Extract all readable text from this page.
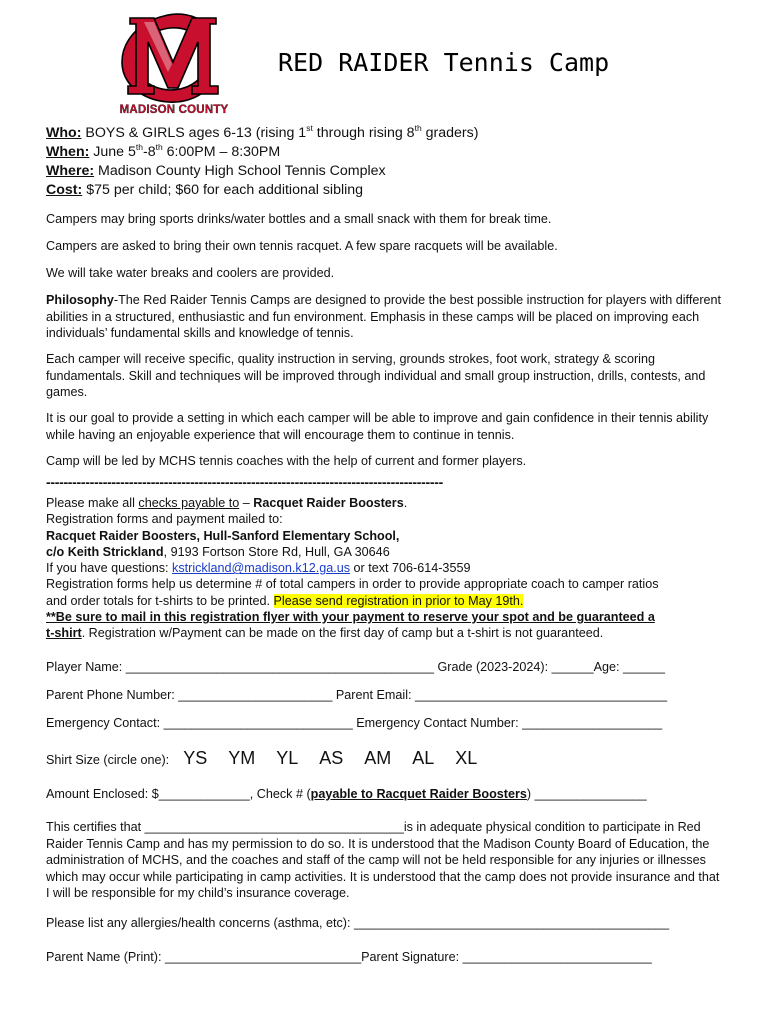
MADISON COUNTY
RED RAIDER Tennis Camp
Who: BOYS & GIRLS ages 6-13 (rising 1st through rising 8th graders)
When: June 5th-8th 6:00PM – 8:30PM
Where: Madison County High School Tennis Complex
Cost: $75 per child; $60 for each additional sibling
Campers may bring sports drinks/water bottles and a small snack with them for break time.
Campers are asked to bring their own tennis racquet. A few spare racquets will be available.
We will take water breaks and coolers are provided.
Philosophy-The Red Raider Tennis Camps are designed to provide the best possible instruction for players with different abilities in a structured, enthusiastic and fun environment. Emphasis in these camps will be placed on improving each individuals’ fundamental skills and knowledge of tennis.
Each camper will receive specific, quality instruction in serving, grounds strokes, foot work, strategy & scoring fundamentals. Skill and techniques will be improved through individual and small group instruction, drills, contests, and games.
It is our goal to provide a setting in which each camper will be able to improve and gain confidence in their tennis ability while having an enjoyable experience that will encourage them to continue in tennis.
Camp will be led by MCHS tennis coaches with the help of current and former players.
-------------------------------------------------------------------------------------------
Please make all checks payable to – Racquet Raider Boosters.
Registration forms and payment mailed to:
Racquet Raider Boosters, Hull-Sanford Elementary School,
c/o Keith Strickland, 9193 Fortson Store Rd, Hull, GA 30646
If you have questions: kstrickland@madison.k12.ga.us or text 706-614-3559
Registration forms help us determine # of total campers in order to provide appropriate coach to camper ratios
and order totals for t-shirts to be printed. Please send registration in prior to May 19th.
**Be sure to mail in this registration flyer with your payment to reserve your spot and be guaranteed a
t-shirt. Registration w/Payment can be made on the first day of camp but a t-shirt is not guaranteed.
Player Name: ____________________________________________ Grade (2023-2024): ______Age: ______
Parent Phone Number: ______________________ Parent Email: ____________________________________
Emergency Contact: ___________________________ Emergency Contact Number: ____________________
Shirt Size (circle one): YS YM YL AS AM AL XL
Amount Enclosed: $_____________, Check # (payable to Racquet Raider Boosters) ________________
This certifies that _____________________________________is in adequate physical condition to participate in Red Raider Tennis Camp and has my permission to do so. It is understood that the Madison County Board of Education, the administration of MCHS, and the coaches and staff of the camp will not be held responsible for any injuries or illnesses which may occur while participating in camp activities. It is understood that the camp does not provide insurance and that I will be responsible for my child’s insurance coverage.
Please list any allergies/health concerns (asthma, etc): _____________________________________________
Parent Name (Print): ____________________________Parent Signature: ___________________________
